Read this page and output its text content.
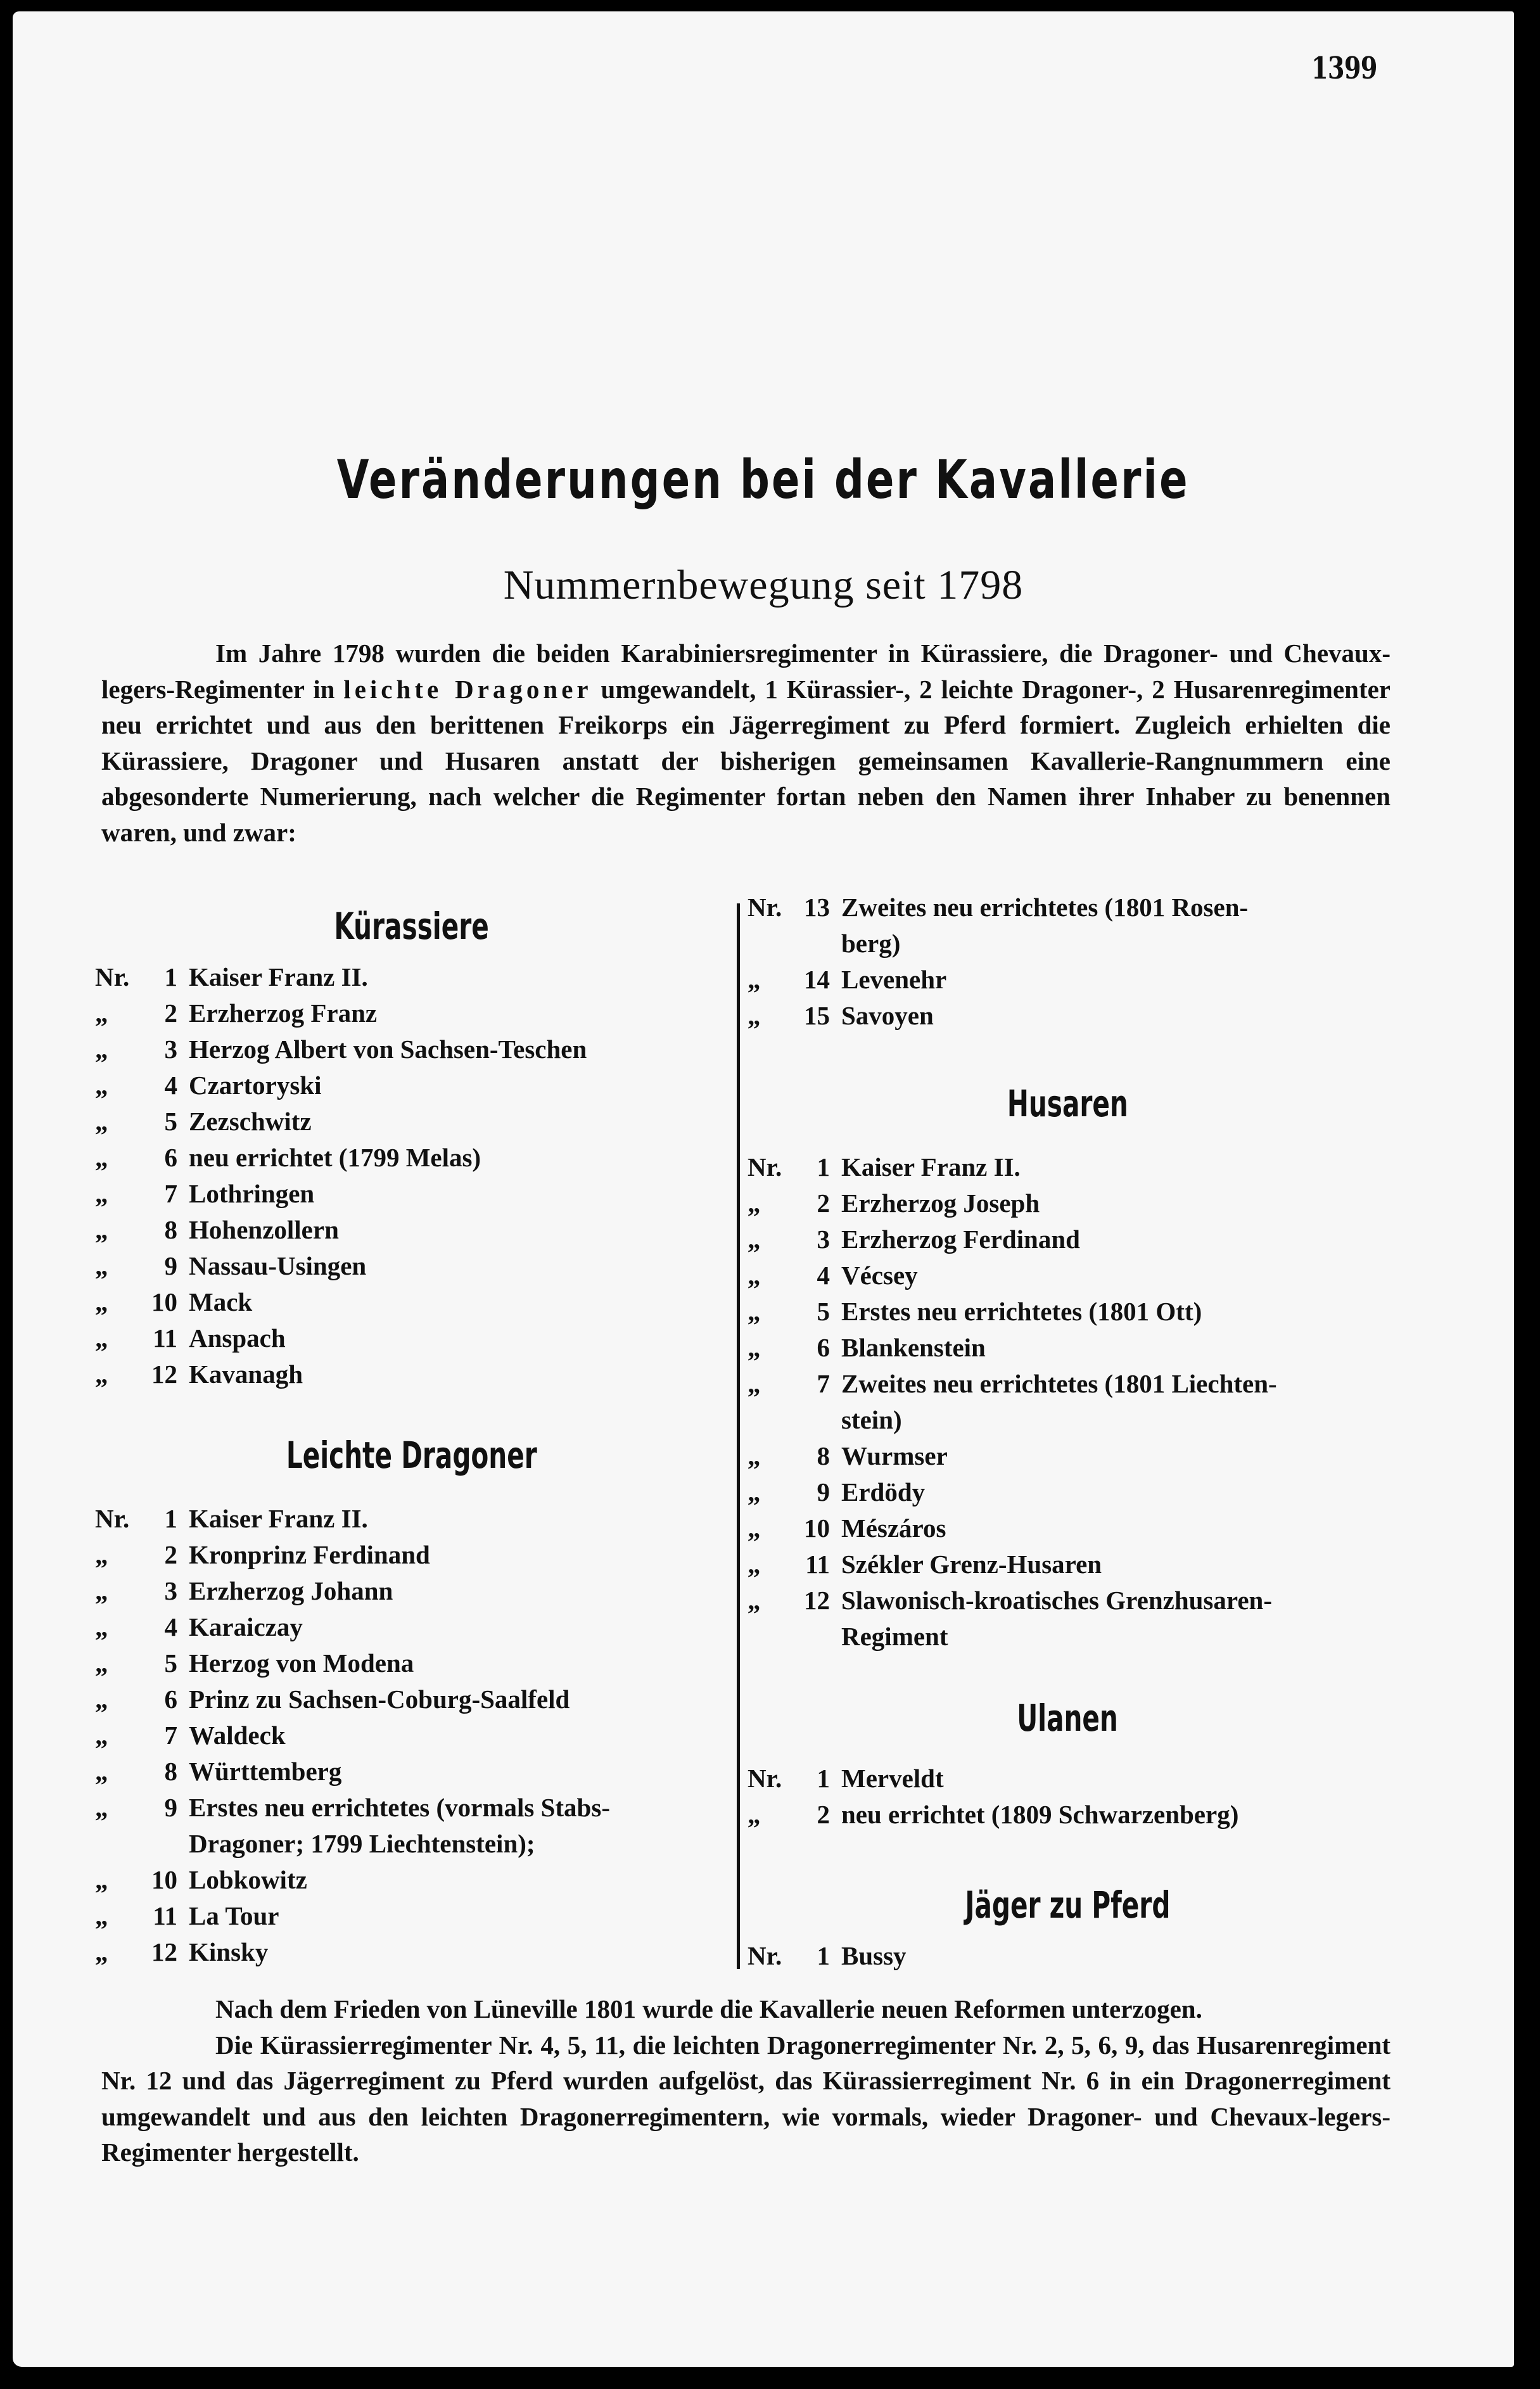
1399
Veränderungen bei der Kavallerie
Nummernbewegung seit 1798

Im Jahre 1798 wurden die beiden Karabiniersregimenter in Kürassiere, die Dragoner- und Chevaux-legers-Regimenter in leichte Dragoner umgewandelt, 1 Kürassier-, 2 leichte Dragoner-, 2 Husarenregimenter neu errichtet und aus den berittenen Freikorps ein Jägerregiment zu Pferd formiert. Zugleich erhielten die Kürassiere, Dragoner und Husaren anstatt der bisherigen gemeinsamen Kavallerie-Rangnummern eine abgesonderte Numerierung, nach welcher die Regimenter fortan neben den Namen ihrer Inhaber zu benennen waren, und zwar:

Kürassiere
Nr.	1 Kaiser Franz II.
„	2 Erzherzog Franz
„	3 Herzog Albert von Sachsen-Teschen
„	4 Czartoryski
„	5 Zezschwitz
„	6 neu errichtet (1799 Melas)
„	7 Lothringen
„	8 Hohenzollern
„	9 Nassau-Usingen
„	10 Mack
„	11 Anspach
„	12 Kavanagh
Leichte Dragoner
Nr.	1 Kaiser Franz II.
„	2 Kronprinz Ferdinand
„	3 Erzherzog Johann
„	4 Karaiczay
„	5 Herzog von Modena
„	6 Prinz zu Sachsen-Coburg-Saalfeld
„	7 Waldeck
„	8 Württemberg
„	9 Erstes neu errichtetes (vormals Stabs-
Dragoner; 1799 Liechtenstein);
„	10 Lobkowitz
„	11 La Tour
„	12 Kinsky
Nr. 13 Zweites neu errichtetes (1801 Rosen-
berg)
„	14 Levenehr
„	15 Savoyen
Husaren
Nr.	1 Kaiser Franz II.
„	2 Erzherzog Joseph
„	3 Erzherzog Ferdinand
„	4 Vécsey
„	5 Erstes neu errichtetes (1801 Ott)
„	6 Blankenstein
„	7 Zweites neu errichtetes (1801 Liechten-
stein)
„	8 Wurmser
„	9 Erdödy
„	10 Mészáros
„	11 Székler Grenz-Husaren
„	12 Slawonisch-kroatisches Grenzhusaren-
Regiment
Ulanen
Nr.	1 Merveldt
„	2 neu errichtet (1809 Schwarzenberg)
Jäger zu Pferd
Nr.	1 Bussy

Nach dem Frieden von Lüneville 1801 wurde die Kavallerie neuen Reformen unterzogen.

Die Kürassierregimenter Nr. 4, 5, 11, die leichten Dragonerregimenter Nr. 2, 5, 6, 9, das Husarenregiment Nr. 12 und das Jägerregiment zu Pferd wurden aufgelöst, das Kürassierregiment Nr. 6 in ein Dragonerregiment umgewandelt und aus den leichten Dragonerregimentern, wie vormals, wieder Dragoner- und Chevaux-legers-Regimenter hergestellt.
